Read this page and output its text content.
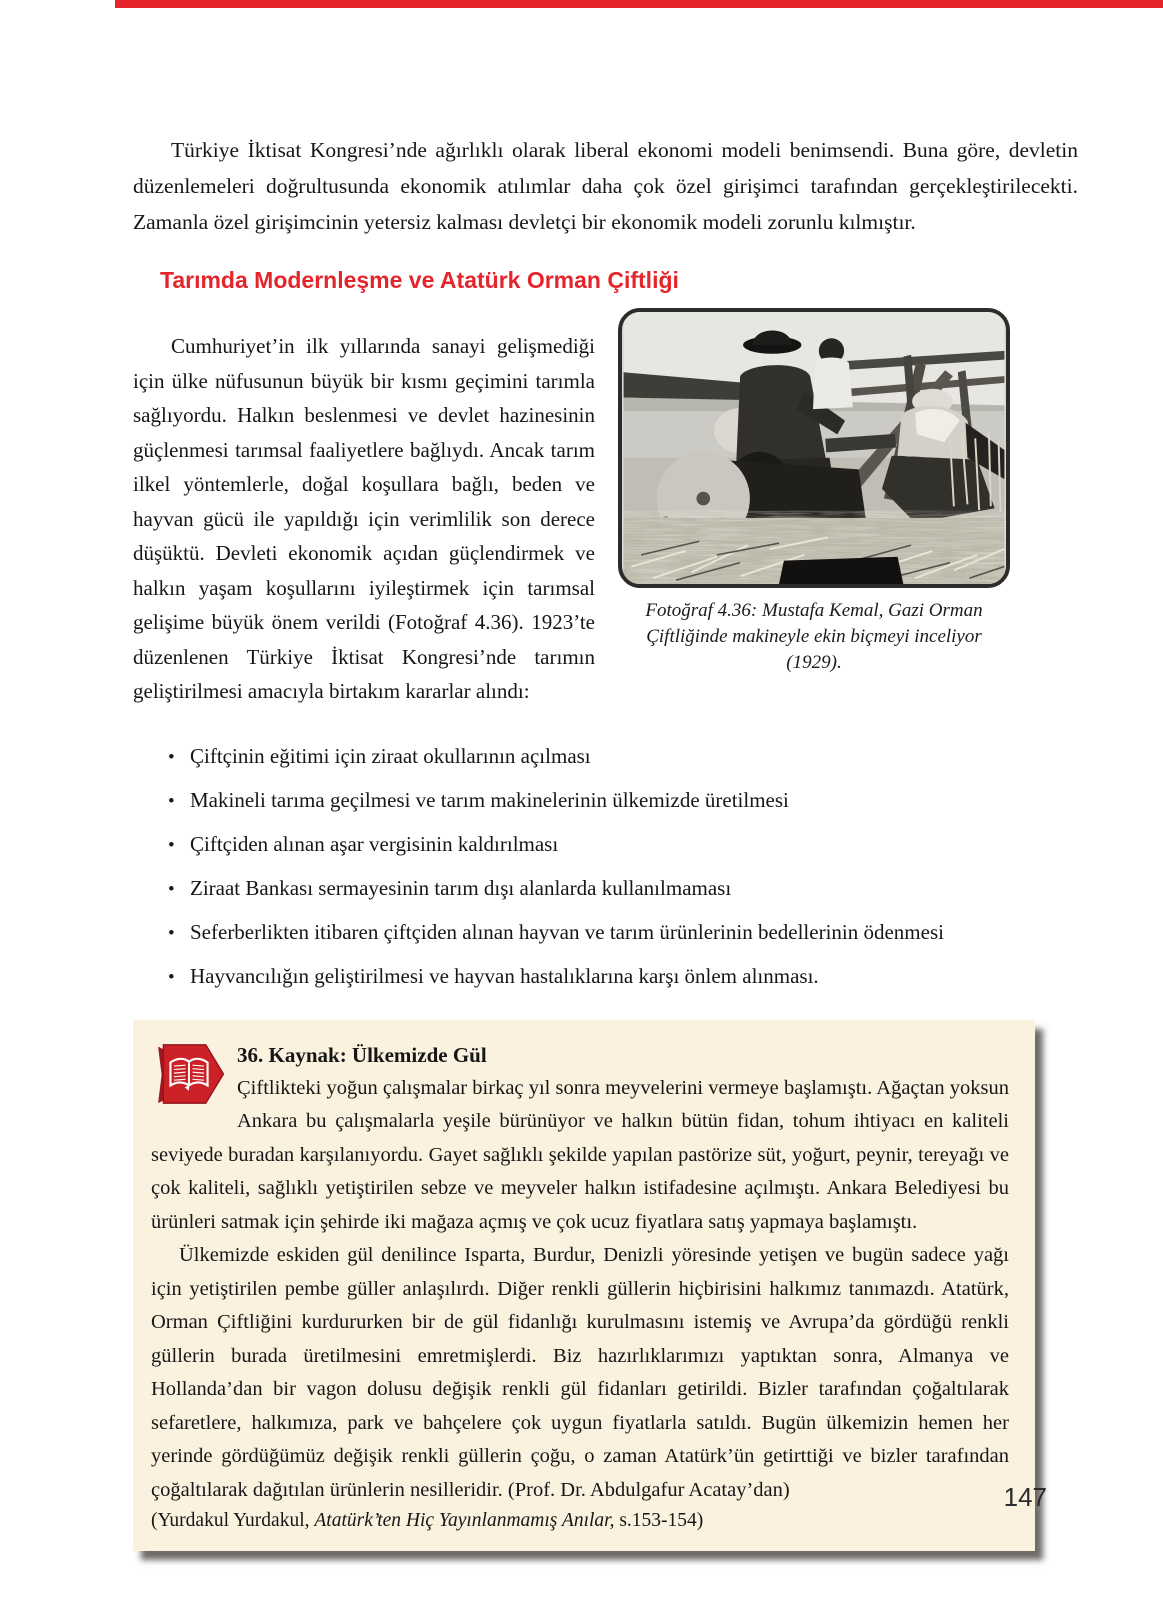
Türkiye İktisat Kongresi’nde ağırlıklı olarak liberal ekonomi modeli benimsendi. Buna göre, devletin düzenlemeleri doğrultusunda ekonomik atılımlar daha çok özel girişimci tarafından gerçekleştirilecekti. Zamanla özel girişimcinin yetersiz kalması devletçi bir ekonomik modeli zorunlu kılmıştır.

Tarımda Modernleşme ve Atatürk Orman Çiftliği

Cumhuriyet’in ilk yıllarında sanayi gelişmediği için ülke nüfusunun büyük bir kısmı geçimini tarımla sağlıyordu. Halkın beslenmesi ve devlet hazinesinin güçlenmesi tarımsal faaliyetlere bağlıydı. Ancak tarım ilkel yöntemlerle, doğal koşullara bağlı, beden ve hayvan gücü ile yapıldığı için verimlilik son derece düşüktü. Devleti ekonomik açıdan güçlendirmek ve halkın yaşam koşullarını iyileştirmek için tarımsal gelişime büyük önem verildi (Fotoğraf 4.36). 1923’te düzenlenen Türkiye İktisat Kongresi’nde tarımın geliştirilmesi amacıyla birtakım kararlar alındı:

Fotoğraf 4.36: Mustafa Kemal, Gazi Orman Çiftliğinde makineyle ekin biçmeyi inceliyor (1929).
• Çiftçinin eğitimi için ziraat okullarının açılması
• Makineli tarıma geçilmesi ve tarım makinelerinin ülkemizde üretilmesi
• Çiftçiden alınan aşar vergisinin kaldırılması
• Ziraat Bankası sermayesinin tarım dışı alanlarda kullanılmaması
• Seferberlikten itibaren çiftçiden alınan hayvan ve tarım ürünlerinin bedellerinin ödenmesi
• Hayvancılığın geliştirilmesi ve hayvan hastalıklarına karşı önlem alınması.
36. Kaynak: Ülkemizde Gül

Çiftlikteki yoğun çalışmalar birkaç yıl sonra meyvelerini vermeye başlamıştı. Ağaçtan yoksun Ankara bu çalışmalarla yeşile bürünüyor ve halkın bütün fidan, tohum ihtiyacı en kaliteli seviyede buradan karşılanıyordu. Gayet sağlıklı şekilde yapılan pastörize süt, yoğurt, peynir, tereyağı ve çok kaliteli, sağlıklı yetiştirilen sebze ve meyveler halkın istifadesine açılmıştı. Ankara Belediyesi bu ürünleri satmak için şehirde iki mağaza açmış ve çok ucuz fiyatlara satış yapmaya başlamıştı.

Ülkemizde eskiden gül denilince Isparta, Burdur, Denizli yöresinde yetişen ve bugün sadece yağı için yetiştirilen pembe güller anlaşılırdı. Diğer renkli güllerin hiçbirisini halkımız tanımazdı. Atatürk, Orman Çiftliğini kurdururken bir de gül fidanlığı kurulmasını istemiş ve Avrupa’da gördüğü renkli güllerin burada üretilmesini emretmişlerdi. Biz hazırlıklarımızı yaptıktan sonra, Almanya ve Hollanda’dan bir vagon dolusu değişik renkli gül fidanları getirildi. Bizler tarafından çoğaltılarak sefaretlere, halkımıza, park ve bahçelere çok uygun fiyatlarla satıldı. Bugün ülkemizin hemen her yerinde gördüğümüz değişik renkli güllerin çoğu, o zaman Atatürk’ün getirttiği ve bizler tarafından çoğaltılarak dağıtılan ürünlerin nesilleridir. (Prof. Dr. Abdulgafur Acatay’dan)

(Yurdakul Yurdakul, Atatürk’ten Hiç Yayınlanmamış Anılar, s.153-154)

147
